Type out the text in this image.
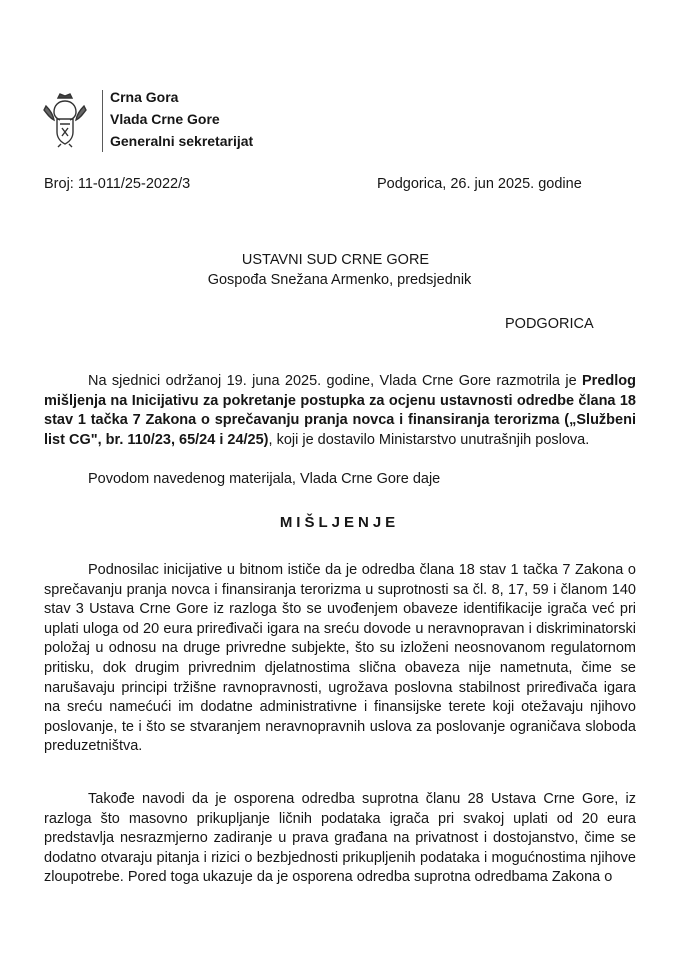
Crna Gora
Vlada Crne Gore
Generalni sekretarijat
Broj: 11-011/25-2022/3	Podgorica, 26. jun 2025. godine
USTAVNI SUD CRNE GORE
Gospođa Snežana Armenko, predsjednik
PODGORICA
Na sjednici održanoj 19. juna 2025. godine, Vlada Crne Gore razmotrila je Predlog mišljenja na Inicijativu za pokretanje postupka za ocjenu ustavnosti odredbe člana 18 stav 1 tačka 7 Zakona o sprečavanju pranja novca i finansiranja terorizma („Službeni list CG", br. 110/23, 65/24 i 24/25), koji je dostavilo Ministarstvo unutrašnjih poslova.
Povodom navedenog materijala, Vlada Crne Gore daje
MIŠLJENJE
Podnosilac inicijative u bitnom ističe da je odredba člana 18 stav 1 tačka 7 Zakona o sprečavanju pranja novca i finansiranja terorizma u suprotnosti sa čl. 8, 17, 59 i članom 140 stav 3 Ustava Crne Gore iz razloga što se uvođenjem obaveze identifikacije igrača već pri uplati uloga od 20 eura priređivači igara na sreću dovode u neravnopravan i diskriminatorski položaj u odnosu na druge privredne subjekte, što su izloženi neosnovanom regulatornom pritisku, dok drugim privrednim djelatnostima slična obaveza nije nametnuta, čime se narušavaju principi tržišne ravnopravnosti, ugrožava poslovna stabilnost priređivača igara na sreću namećući im dodatne administrativne i finansijske terete koji otežavaju njihovo poslovanje, te i što se stvaranjem neravnopravnih uslova za poslovanje ograničava sloboda preduzetništva.
Takođe navodi da je osporena odredba suprotna članu 28 Ustava Crne Gore, iz razloga što masovno prikupljanje ličnih podataka igrača pri svakoj uplati od 20 eura predstavlja nesrazmjerno zadiranje u prava građana na privatnost i dostojanstvo, čime se dodatno otvaraju pitanja i rizici o bezbjednosti prikupljenih podataka i mogućnostima njihove zloupotrebe. Pored toga ukazuje da je osporena odredba suprotna odredbama Zakona o
